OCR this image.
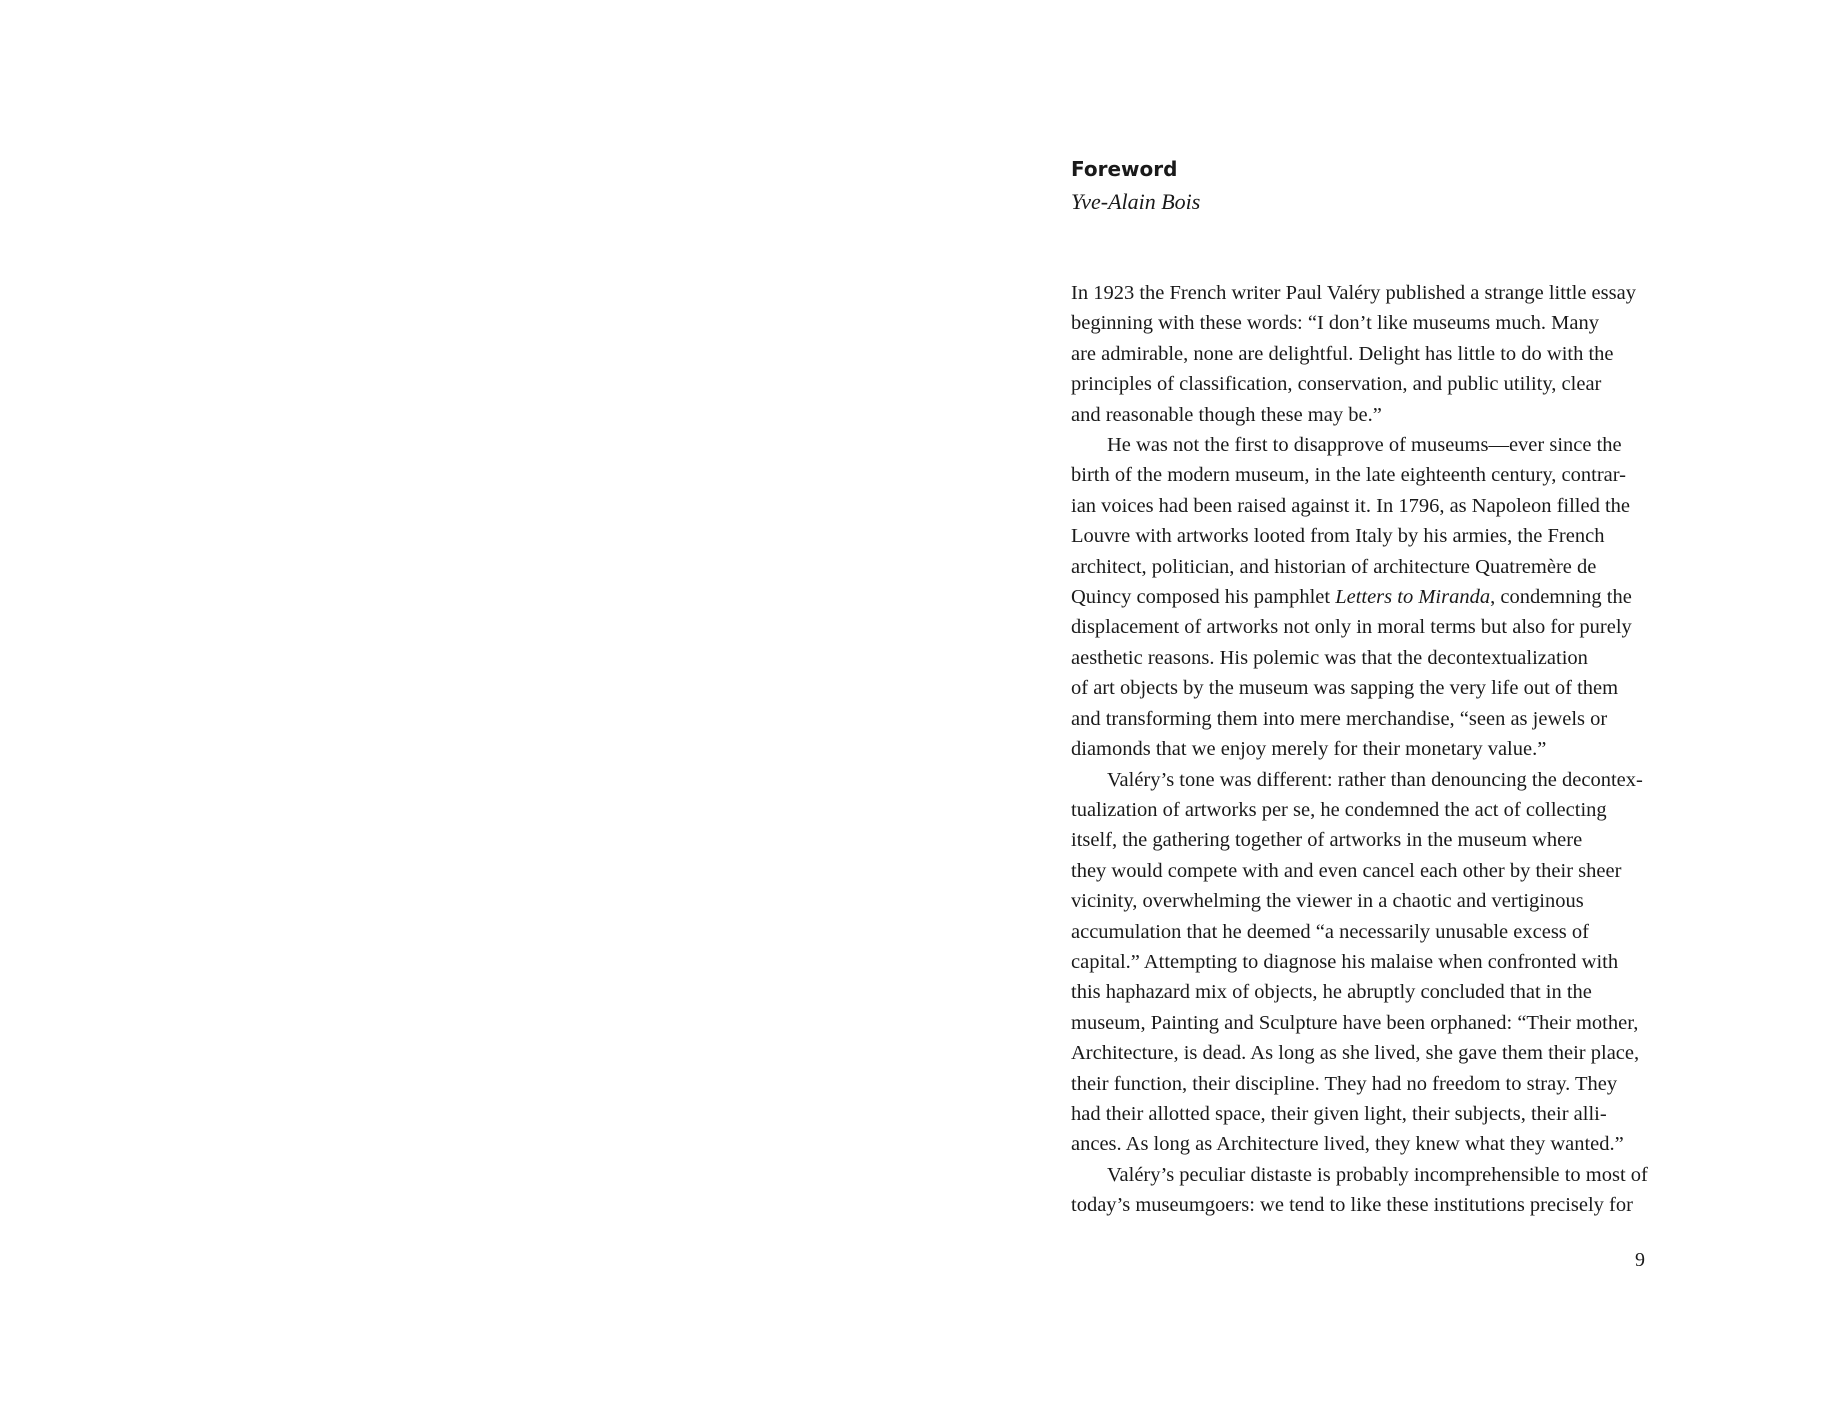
Foreword
Yve-Alain Bois

In 1923 the French writer Paul Valéry published a strange little essay
beginning with these words: “I don’t like museums much. Many
are admirable, none are delightful. Delight has little to do with the
principles of classification, conservation, and public utility, clear
and reasonable though these may be.”

He was not the first to disapprove of museums—ever since the
birth of the modern museum, in the late eighteenth century, contrar-
ian voices had been raised against it. In 1796, as Napoleon filled the
Louvre with artworks looted from Italy by his armies, the French
architect, politician, and historian of architecture Quatremère de
Quincy composed his pamphlet Letters to Miranda, condemning the
displacement of artworks not only in moral terms but also for purely
aesthetic reasons. His polemic was that the decontextualization
of art objects by the museum was sapping the very life out of them
and transforming them into mere merchandise, “seen as jewels or
diamonds that we enjoy merely for their monetary value.”

Valéry’s tone was different: rather than denouncing the decontex-
tualization of artworks per se, he condemned the act of collecting
itself, the gathering together of artworks in the museum where
they would compete with and even cancel each other by their sheer
vicinity, overwhelming the viewer in a chaotic and vertiginous
accumulation that he deemed “a necessarily unusable excess of
capital.” Attempting to diagnose his malaise when confronted with
this haphazard mix of objects, he abruptly concluded that in the
museum, Painting and Sculpture have been orphaned: “Their mother,
Architecture, is dead. As long as she lived, she gave them their place,
their function, their discipline. They had no freedom to stray. They
had their allotted space, their given light, their subjects, their alli-
ances. As long as Architecture lived, they knew what they wanted.”

Valéry’s peculiar distaste is probably incomprehensible to most of
today’s museumgoers: we tend to like these institutions precisely for

9
